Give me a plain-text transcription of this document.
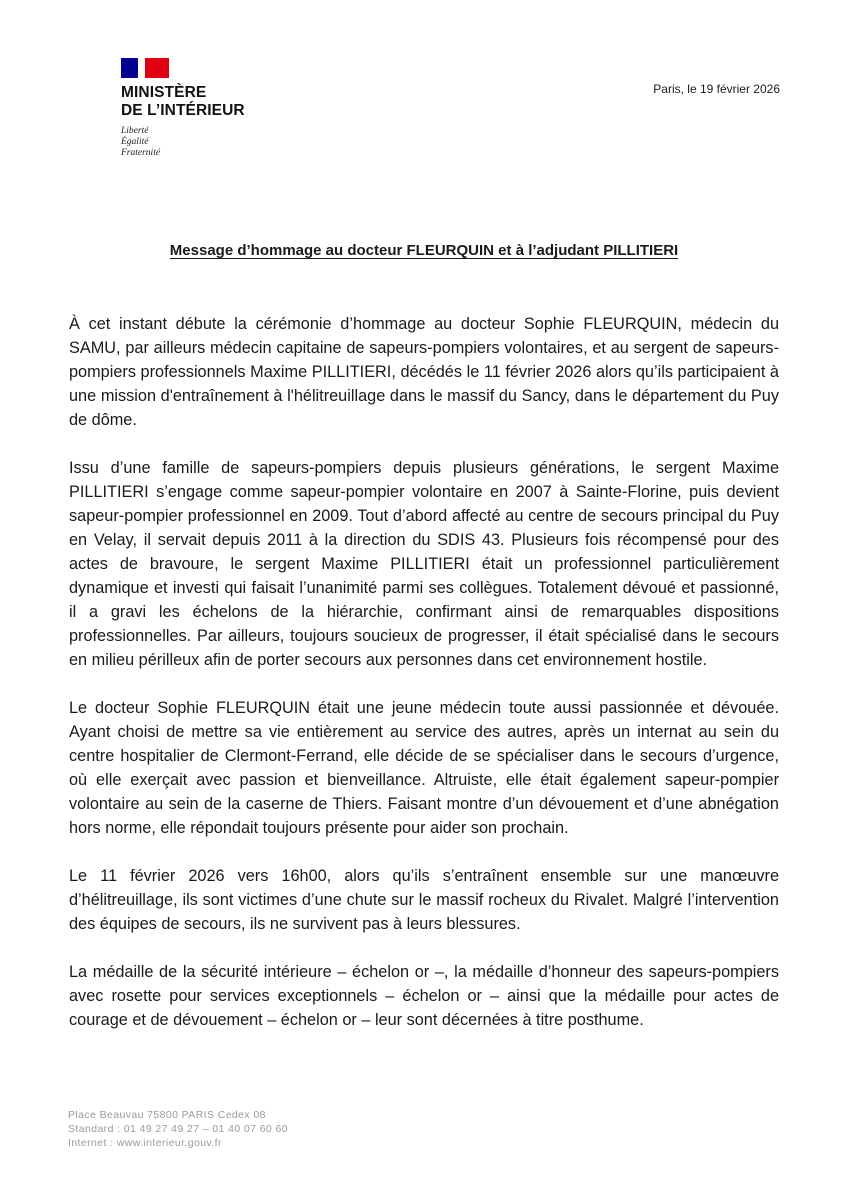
MINISTÈRE
DE L’INTÉRIEUR

Liberté
Égalité
Fraternité
Paris, le 19 février 2026
Message d’hommage au docteur FLEURQUIN et à l’adjudant PILLITIERI

À cet instant débute la cérémonie d’hommage au docteur Sophie FLEURQUIN, médecin du SAMU, par ailleurs médecin capitaine de sapeurs-pompiers volontaires, et au sergent de sapeurs-pompiers professionnels Maxime PILLITIERI, décédés le 11 février 2026 alors qu’ils participaient à une mission d'entraînement à l'hélitreuillage dans le massif du Sancy, dans le département du Puy de dôme.

Issu d’une famille de sapeurs-pompiers depuis plusieurs générations, le sergent Maxime PILLITIERI s’engage comme sapeur-pompier volontaire en 2007 à Sainte-Florine, puis devient sapeur-pompier professionnel en 2009. Tout d’abord affecté au centre de secours principal du Puy en Velay, il servait depuis 2011 à la direction du SDIS 43. Plusieurs fois récompensé pour des actes de bravoure, le sergent Maxime PILLITIERI était un professionnel particulièrement dynamique et investi qui faisait l’unanimité parmi ses collègues. Totalement dévoué et passionné, il a gravi les échelons de la hiérarchie, confirmant ainsi de remarquables dispositions professionnelles. Par ailleurs, toujours soucieux de progresser, il était spécialisé dans le secours en milieu périlleux afin de porter secours aux personnes dans cet environnement hostile.

Le docteur Sophie FLEURQUIN était une jeune médecin toute aussi passionnée et dévouée. Ayant choisi de mettre sa vie entièrement au service des autres, après un internat au sein du centre hospitalier de Clermont-Ferrand, elle décide de se spécialiser dans le secours d’urgence, où elle exerçait avec passion et bienveillance. Altruiste, elle était également sapeur-pompier volontaire au sein de la caserne de Thiers. Faisant montre d’un dévouement et d’une abnégation hors norme, elle répondait toujours présente pour aider son prochain.

Le 11 février 2026 vers 16h00, alors qu’ils s’entraînent ensemble sur une manœuvre d’hélitreuillage, ils sont victimes d’une chute sur le massif rocheux du Rivalet. Malgré l’intervention des équipes de secours, ils ne survivent pas à leurs blessures.

La médaille de la sécurité intérieure – échelon or –, la médaille d’honneur des sapeurs-pompiers avec rosette pour services exceptionnels – échelon or – ainsi que la médaille pour actes de courage et de dévouement – échelon or – leur sont décernées à titre posthume.

Place Beauvau 75800 PARIS Cedex 08
Standard : 01 49 27 49 27 – 01 40 07 60 60
Internet : www.interieur.gouv.fr
